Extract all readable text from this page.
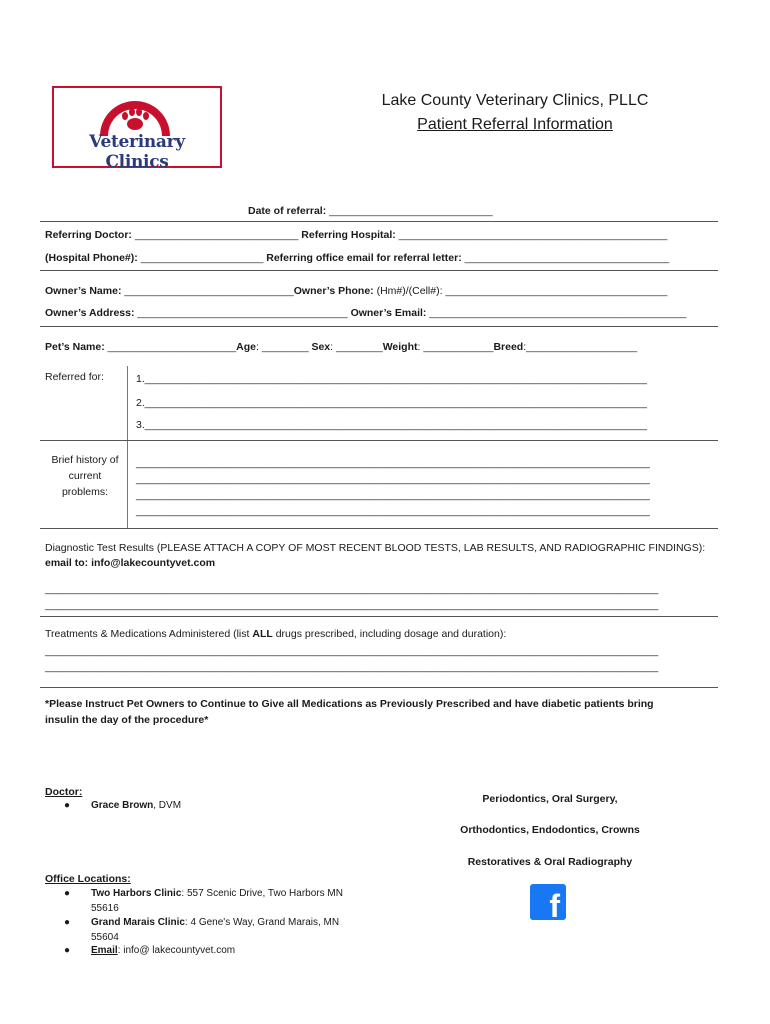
Veterinary Clinics
Lake County Veterinary Clinics, PLLC
Patient Referral Information
Date of referral: ____________________________
Referring Doctor: ____________________________ Referring Hospital: ______________________________________________
(Hospital Phone#): _____________________ Referring office email for referral letter: ___________________________________
Owner’s Name: _____________________________Owner’s Phone: (Hm#)/(Cell#): ______________________________________
Owner’s Address: ____________________________________ Owner’s Email: ____________________________________________
Pet’s Name: ______________________Age: ________ Sex: ________Weight: ____________Breed:___________________
Referred for:	1.______________________________________________________________________________________
2.______________________________________________________________________________________
3.______________________________________________________________________________________
Brief history of
current
problems:
________________________________________________________________________________________
________________________________________________________________________________________
________________________________________________________________________________________
________________________________________________________________________________________
Diagnostic Test Results (PLEASE ATTACH A COPY OF MOST RECENT BLOOD TESTS, LAB RESULTS, AND RADIOGRAPHIC FINDINGS):
email to: info@lakecountyvet.com
_________________________________________________________________________________________________________
_________________________________________________________________________________________________________
Treatments & Medications Administered (list ALL drugs prescribed, including dosage and duration):
_________________________________________________________________________________________________________
_________________________________________________________________________________________________________
*Please Instruct Pet Owners to Continue to Give all Medications as Previously Prescribed and have diabetic patients bring
insulin the day of the procedure*
Doctor:
● Grace Brown, DVM
Periodontics, Oral Surgery,
Orthodontics, Endodontics, Crowns
Restoratives & Oral Radiography
Office Locations:
● Two Harbors Clinic: 557 Scenic Drive, Two Harbors MN
55616
● Grand Marais Clinic: 4 Gene's Way, Grand Marais, MN
55604
● Email: info@ lakecountyvet.com
f
